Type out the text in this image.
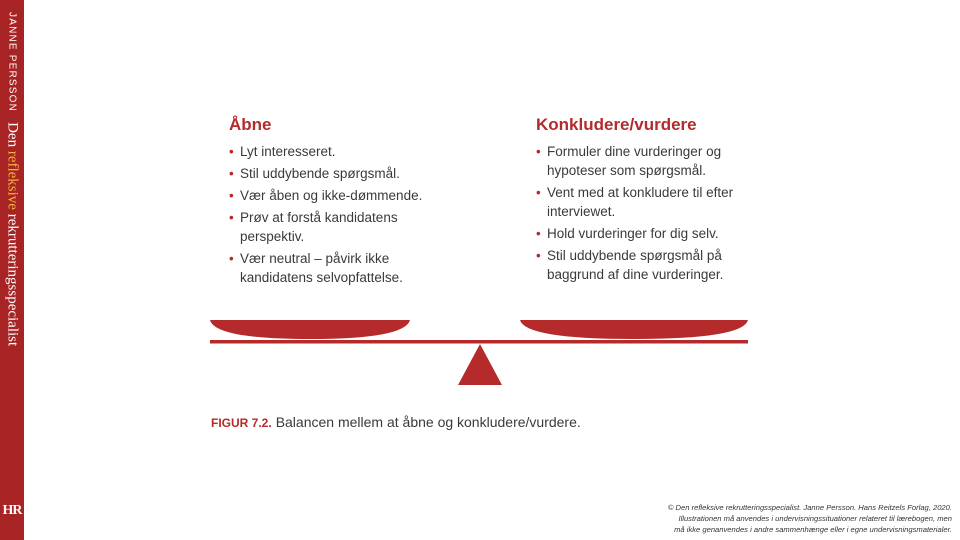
JANNE PERSSON
Den refleksive rekrutteringsspecialist
HR
Åbne
• Lyt interesseret.
• Stil uddybende spørgsmål.
• Vær åben og ikke-dømmende.
• Prøv at forstå kandidatens perspektiv.
• Vær neutral – påvirk ikke kandidatens selvopfattelse.
Konkludere/vurdere
• Formuler dine vurderinger og hypoteser som spørgsmål.
• Vent med at konkludere til efter interviewet.
• Hold vurderinger for dig selv.
• Stil uddybende spørgsmål på baggrund af dine vurderinger.
FIGUR 7.2. Balancen mellem at åbne og konkludere/vurdere.
© Den refleksive rekrutteringsspecialist. Janne Persson. Hans Reitzels Forlag, 2020.
Illustrationen må anvendes i undervisningssituationer relateret til lærebogen, men
må ikke genanvendes i andre sammenhænge eller i egne undervisningsmaterialer.
